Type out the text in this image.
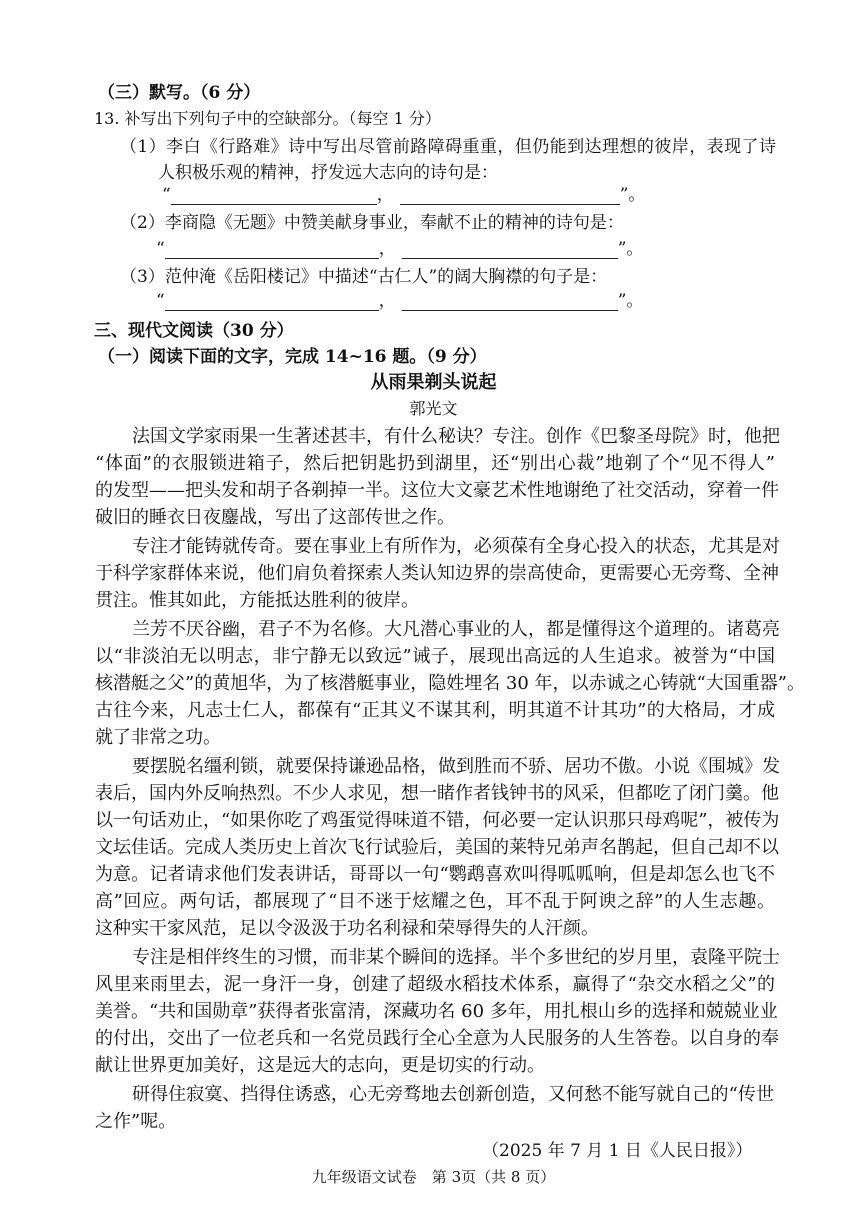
（三）默写。（6 分）
13. 补写出下列句子中的空缺部分。（每空 1 分）
（1）李白《行路难》诗中写出尽管前路障碍重重，但仍能到达理想的彼岸，表现了诗
人积极乐观的精神，抒发远大志向的诗句是：
“	，	”。
（2）李商隐《无题》中赞美献身事业，奉献不止的精神的诗句是：
“	，	”。
（3）范仲淹《岳阳楼记》中描述“古仁人”的阔大胸襟的句子是：
“	，	”。
三、现代文阅读（30 分）
（一）阅读下面的文字，完成 14~16 题。（9 分）
从雨果剃头说起
郭光文
法国文学家雨果一生著述甚丰，有什么秘诀？专注。创作《巴黎圣母院》时，他把
“体面”的衣服锁进箱子，然后把钥匙扔到湖里，还“别出心裁”地剃了个“见不得人”
的发型——把头发和胡子各剃掉一半。这位大文豪艺术性地谢绝了社交活动，穿着一件
破旧的睡衣日夜鏖战，写出了这部传世之作。
专注才能铸就传奇。要在事业上有所作为，必须葆有全身心投入的状态，尤其是对
于科学家群体来说，他们肩负着探索人类认知边界的崇高使命，更需要心无旁骛、全神
贯注。惟其如此，方能抵达胜利的彼岸。
兰芳不厌谷幽，君子不为名修。大凡潜心事业的人，都是懂得这个道理的。诸葛亮
以“非淡泊无以明志，非宁静无以致远”诫子，展现出高远的人生追求。被誉为“中国
核潜艇之父”的黄旭华，为了核潜艇事业，隐姓埋名 30 年，以赤诚之心铸就“大国重器”。
古往今来，凡志士仁人，都葆有“正其义不谋其利，明其道不计其功”的大格局，才成
就了非常之功。
要摆脱名缰利锁，就要保持谦逊品格，做到胜而不骄、居功不傲。小说《围城》发
表后，国内外反响热烈。不少人求见，想一睹作者钱钟书的风采，但都吃了闭门羹。他
以一句话劝止，“如果你吃了鸡蛋觉得味道不错，何必要一定认识那只母鸡呢”，被传为
文坛佳话。完成人类历史上首次飞行试验后，美国的莱特兄弟声名鹊起，但自己却不以
为意。记者请求他们发表讲话，哥哥以一句“鹦鹉喜欢叫得呱呱响，但是却怎么也飞不
高”回应。两句话，都展现了“目不迷于炫耀之色，耳不乱于阿谀之辞”的人生志趣。
这种实干家风范，足以令汲汲于功名利禄和荣辱得失的人汗颜。
专注是相伴终生的习惯，而非某个瞬间的选择。半个多世纪的岁月里，袁隆平院士
风里来雨里去，泥一身汗一身，创建了超级水稻技术体系，赢得了“杂交水稻之父”的
美誉。“共和国勋章”获得者张富清，深藏功名 60 多年，用扎根山乡的选择和兢兢业业
的付出，交出了一位老兵和一名党员践行全心全意为人民服务的人生答卷。以自身的奉
献让世界更加美好，这是远大的志向，更是切实的行动。
研得住寂寞、挡得住诱惑，心无旁骛地去创新创造，又何愁不能写就自己的“传世
之作”呢。
（2025 年 7 月 1 日《人民日报》）
九年级语文试卷　第 3页（共 8 页）
